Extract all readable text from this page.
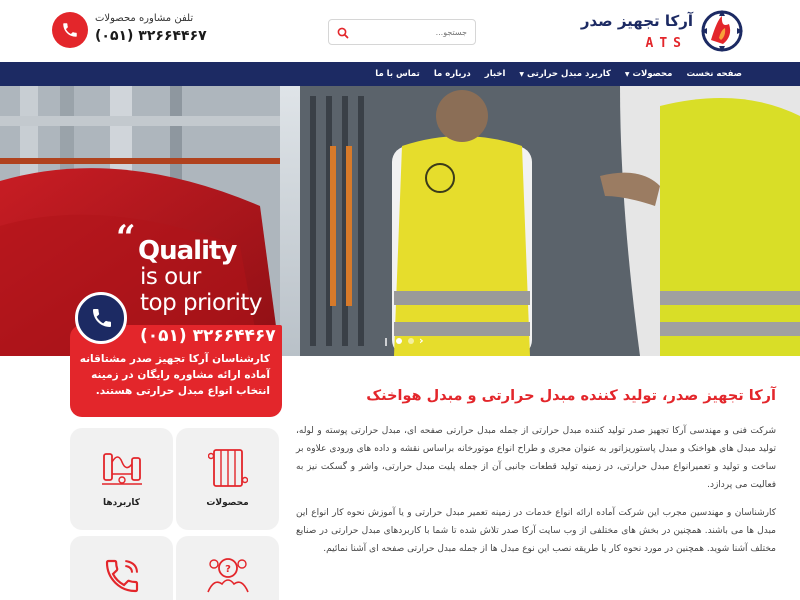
آرکا تجهیز صدر
ATS
جستجو...
تلفن مشاوره محصولات
(۰۵۱) ۳۲۶۶۴۴۶۷
صفحه نخست
محصولات
▼
کاربرد مبدل حرارتی
▼
اخبار
درباره ما
تماس با ما
“ Quality
is our
top priority
›
(۰۵۱) ۳۲۶۶۴۴۶۷
کارشناسان آرکا تجهیز صدر مشتاقانه آماده ارائه مشاوره رایگان در زمینه انتخاب انواع مبدل حرارتی هستند.	آرکا تجهیز صدر، تولید کننده مبدل حرارتی و مبدل هواخنک

شرکت فنی و مهندسی آرکا تجهیز صدر تولید کننده مبدل حرارتی از جمله مبدل حرارتی صفحه ای، مبدل حرارتی پوسته و لوله، تولید مبدل های هواخنک و مبدل پاستوریزاتور به عنوان مجری و طراح انواع موتورخانه براساس نقشه و داده های ورودی علاوه بر ساخت و تولید و تعمیرانواع مبدل حرارتی، در زمینه تولید قطعات جانبی آن از جمله پلیت مبدل حرارتی، واشر و گسکت نیز به فعالیت می پردازد.

کارشناسان و مهندسین مجرب این شرکت آماده ارائه انواع خدمات در زمینه تعمیر مبدل حرارتی و یا آموزش نحوه کار انواع این مبدل ها می باشند. همچنین در بخش های مختلفی از وب سایت آرکا صدر تلاش شده تا شما با کاربردهای مبدل حرارتی در صنایع مختلف آشنا شوید. همچنین در مورد نحوه کار یا طریقه نصب این نوع مبدل ها از جمله مبدل حرارتی صفحه ای آشنا نمائیم.

محصولات
کاربردها
?
